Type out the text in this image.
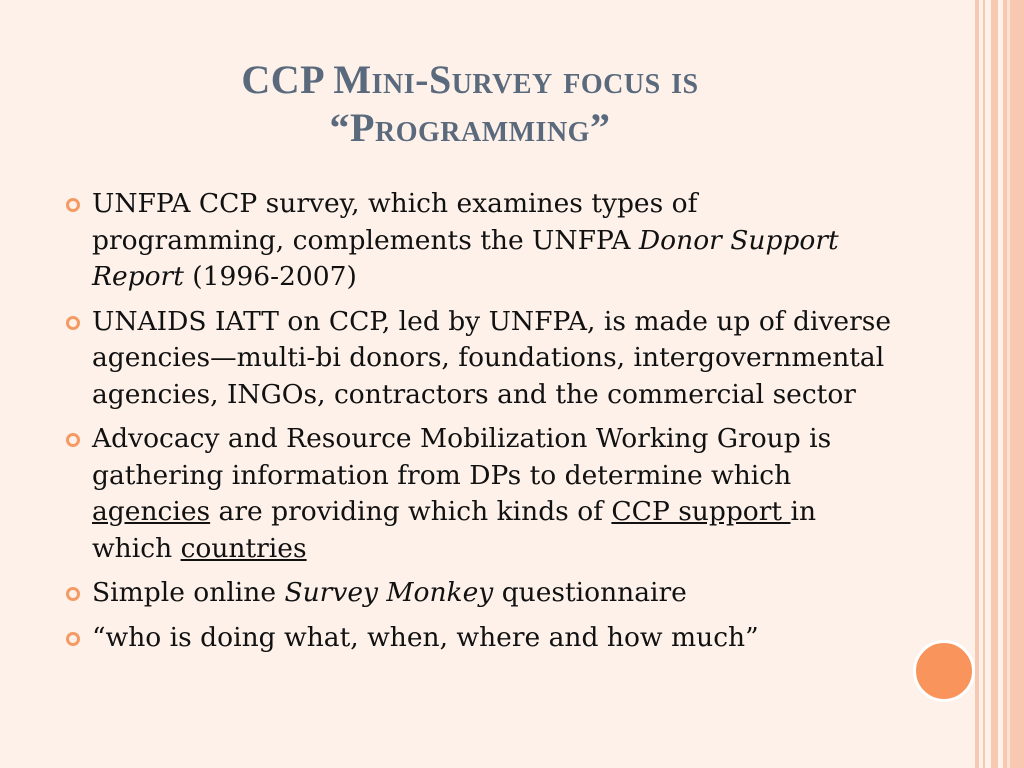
CCP Mini-Survey focus is
“Programming”
UNFPA CCP survey, which examines types of programming, complements the UNFPA Donor Support Report (1996-2007)
UNAIDS IATT on CCP, led by UNFPA, is made up of diverse agencies—multi-bi donors, foundations, intergovernmental agencies, INGOs, contractors and the commercial sector
Advocacy and Resource Mobilization Working Group is gathering information from DPs to determine which agencies are providing which kinds of CCP support in which countries
Simple online Survey Monkey questionnaire
“who is doing what, when, where and how much”
